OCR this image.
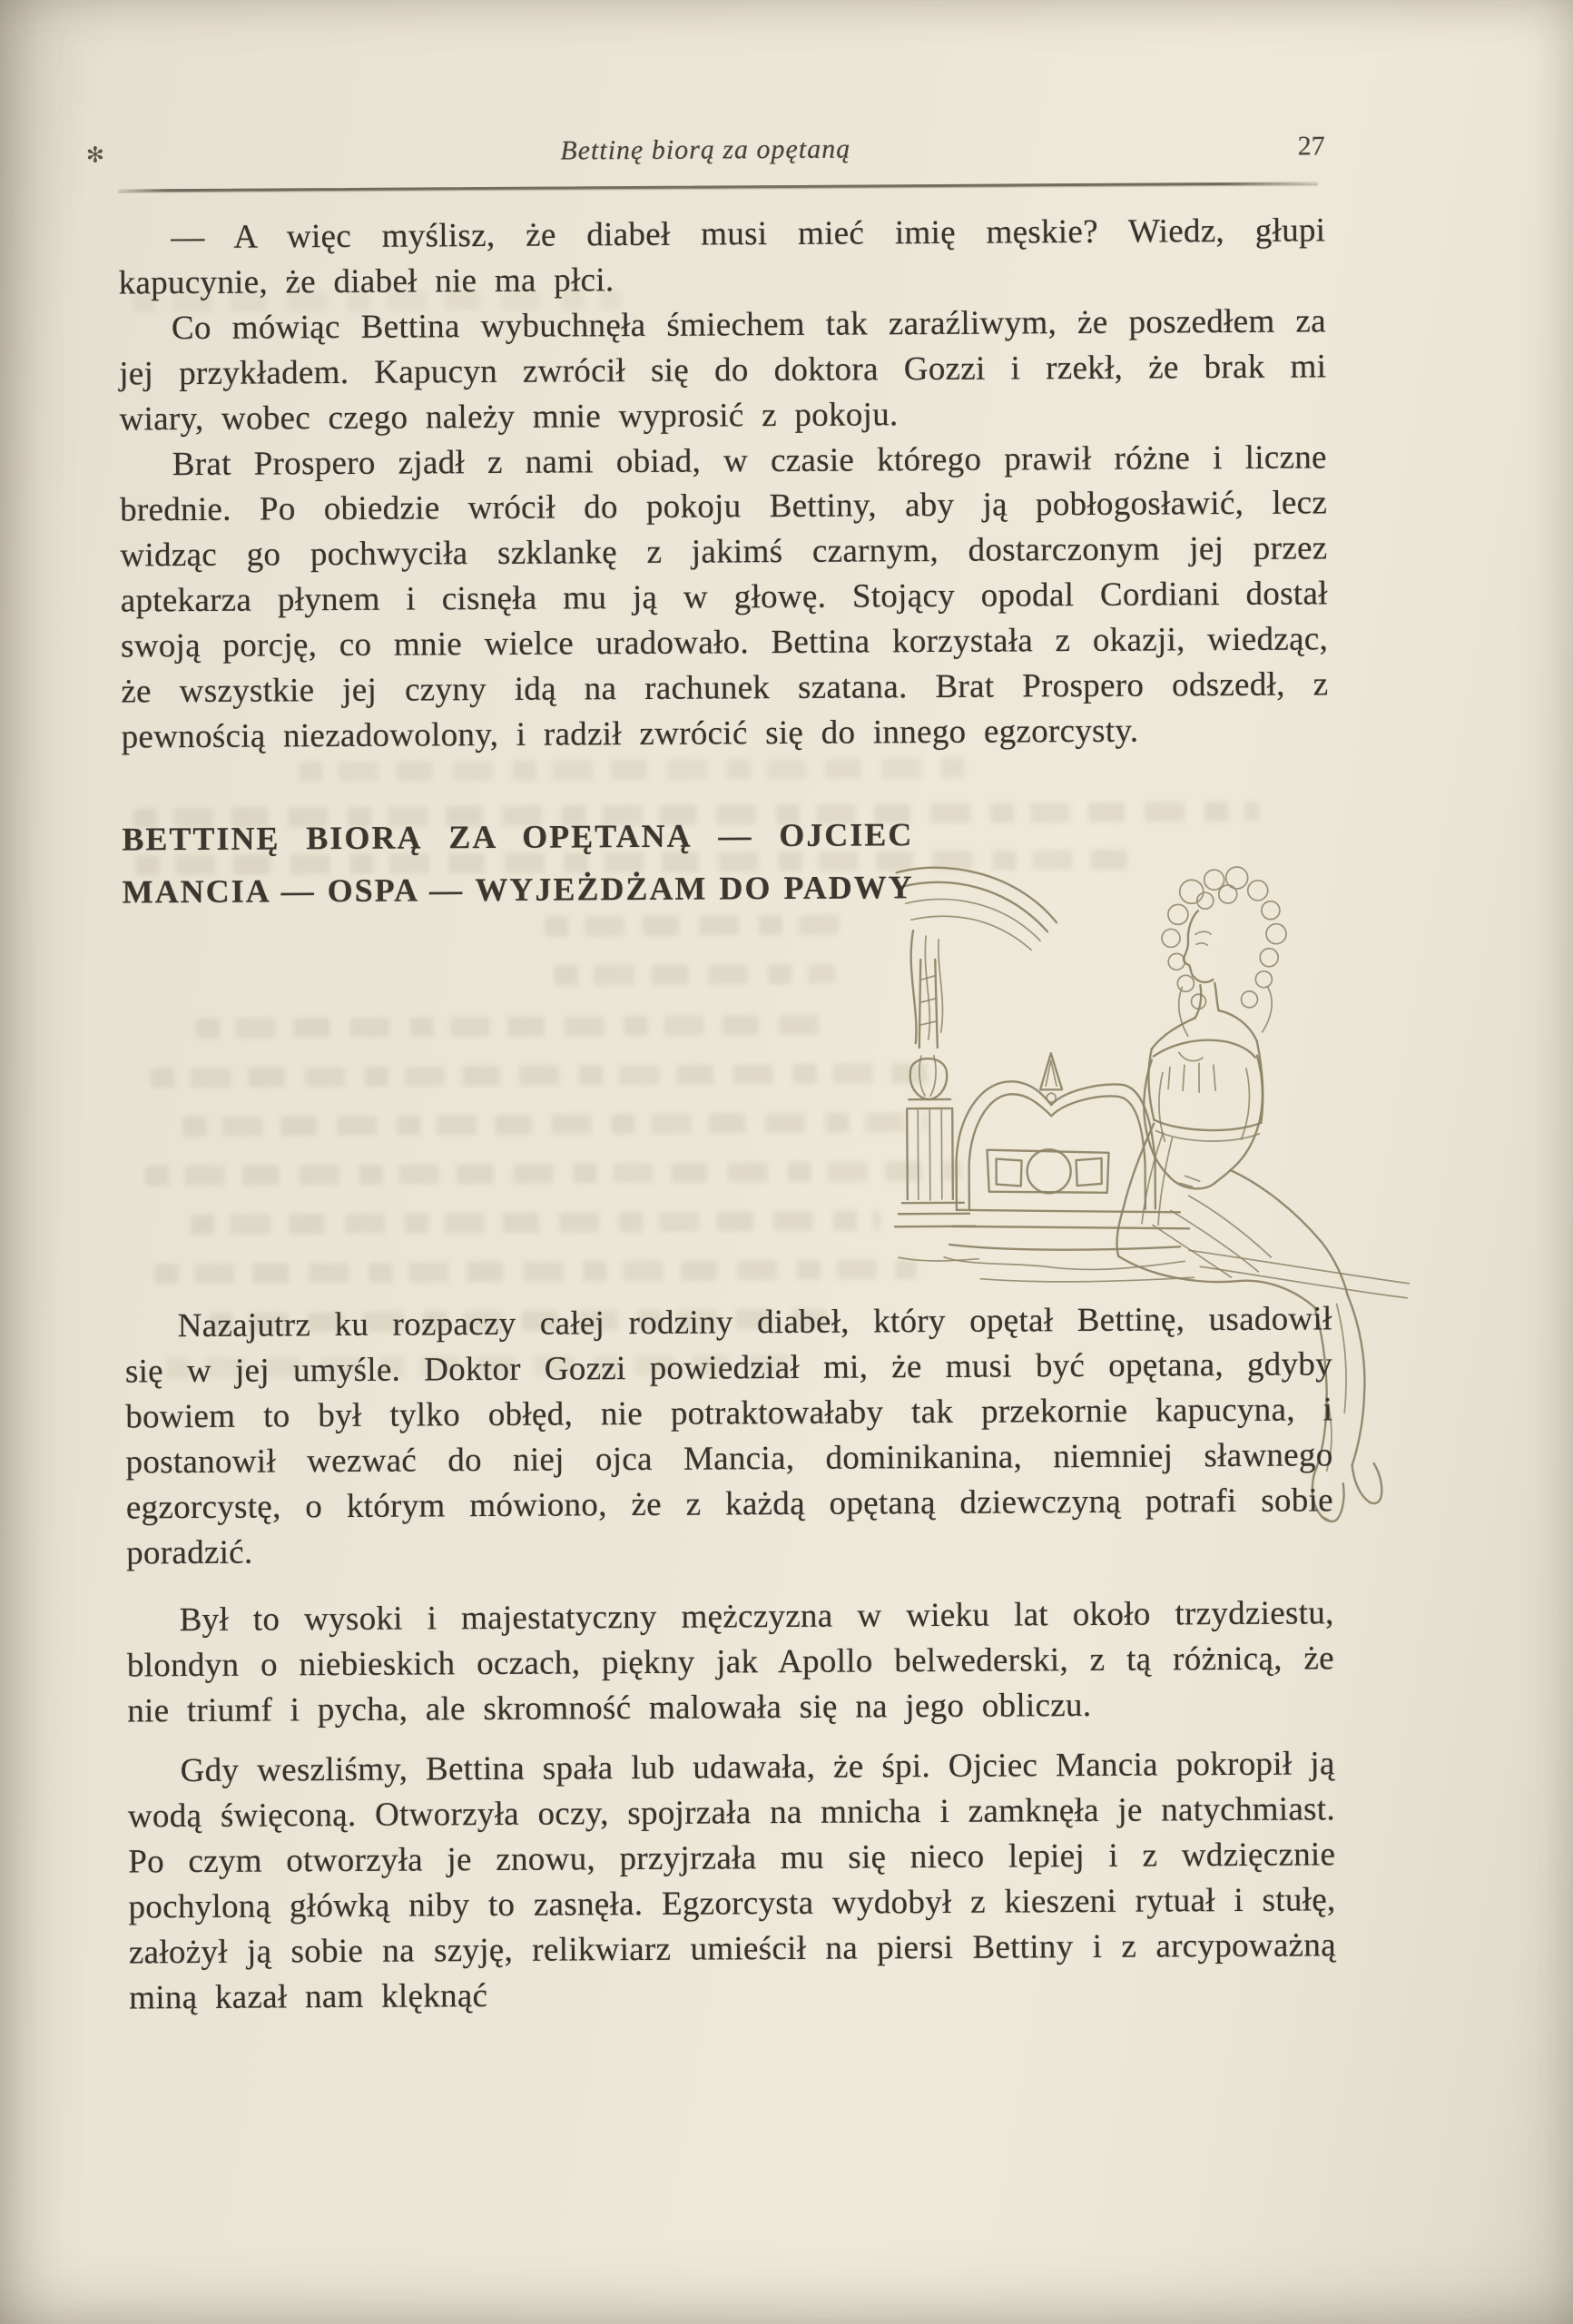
✻	Bettinę biorą za opętaną	27

— A więc myślisz, że diabeł musi mieć imię męskie? Wiedz, głupi kapucynie, że diabeł nie ma płci.

Co mówiąc Bettina wybuchnęła śmiechem tak zaraźliwym, że poszedłem za jej przykładem. Kapucyn zwrócił się do doktora Gozzi i rzekł, że brak mi wiary, wobec czego należy mnie wyprosić z pokoju.

Brat Prospero zjadł z nami obiad, w czasie którego prawił różne i liczne brednie. Po obiedzie wrócił do pokoju Bettiny, aby ją pobłogosławić, lecz widząc go pochwyciła szklankę z jakimś czarnym, dostarczonym jej przez aptekarza płynem i cisnęła mu ją w głowę. Stojący opodal Cordiani dostał swoją porcję, co mnie wielce uradowało. Bettina korzystała z okazji, wiedząc, że wszystkie jej czyny idą na rachunek szatana. Brat Prospero odszedł, z pewnością niezadowolony, i radził zwrócić się do innego egzorcysty.

BETTINĘ BIORĄ ZA OPĘTANĄ — OJCIEC
MANCIA — OSPA — WYJEŻDŻAM DO PADWY

Nazajutrz ku rozpaczy całej rodziny diabeł, który opętał Bettinę, usadowił się w jej umyśle. Doktor Gozzi powiedział mi, że musi być opętana, gdyby bowiem to był tylko obłęd, nie potraktowałaby tak przekornie kapucyna, i postanowił wezwać do niej ojca Mancia, dominikanina, niemniej sławnego egzorcystę, o którym mówiono, że z każdą opętaną dziewczyną potrafi sobie poradzić.

Był to wysoki i majestatyczny mężczyzna w wieku lat około trzydziestu, blondyn o niebieskich oczach, piękny jak Apollo belwederski, z tą różnicą, że nie triumf i pycha, ale skromność malowała się na jego obliczu.

Gdy weszliśmy, Bettina spała lub udawała, że śpi. Ojciec Mancia pokropił ją wodą święconą. Otworzyła oczy, spojrzała na mnicha i zamknęła je natychmiast. Po czym otworzyła je znowu, przyjrzała mu się nieco lepiej i z wdzięcznie pochyloną główką niby to zasnęła. Egzorcysta wydobył z kieszeni rytuał i stułę, założył ją sobie na szyję, relikwiarz umieścił na piersi Bettiny i z arcypoważną miną kazał nam klęknąć
